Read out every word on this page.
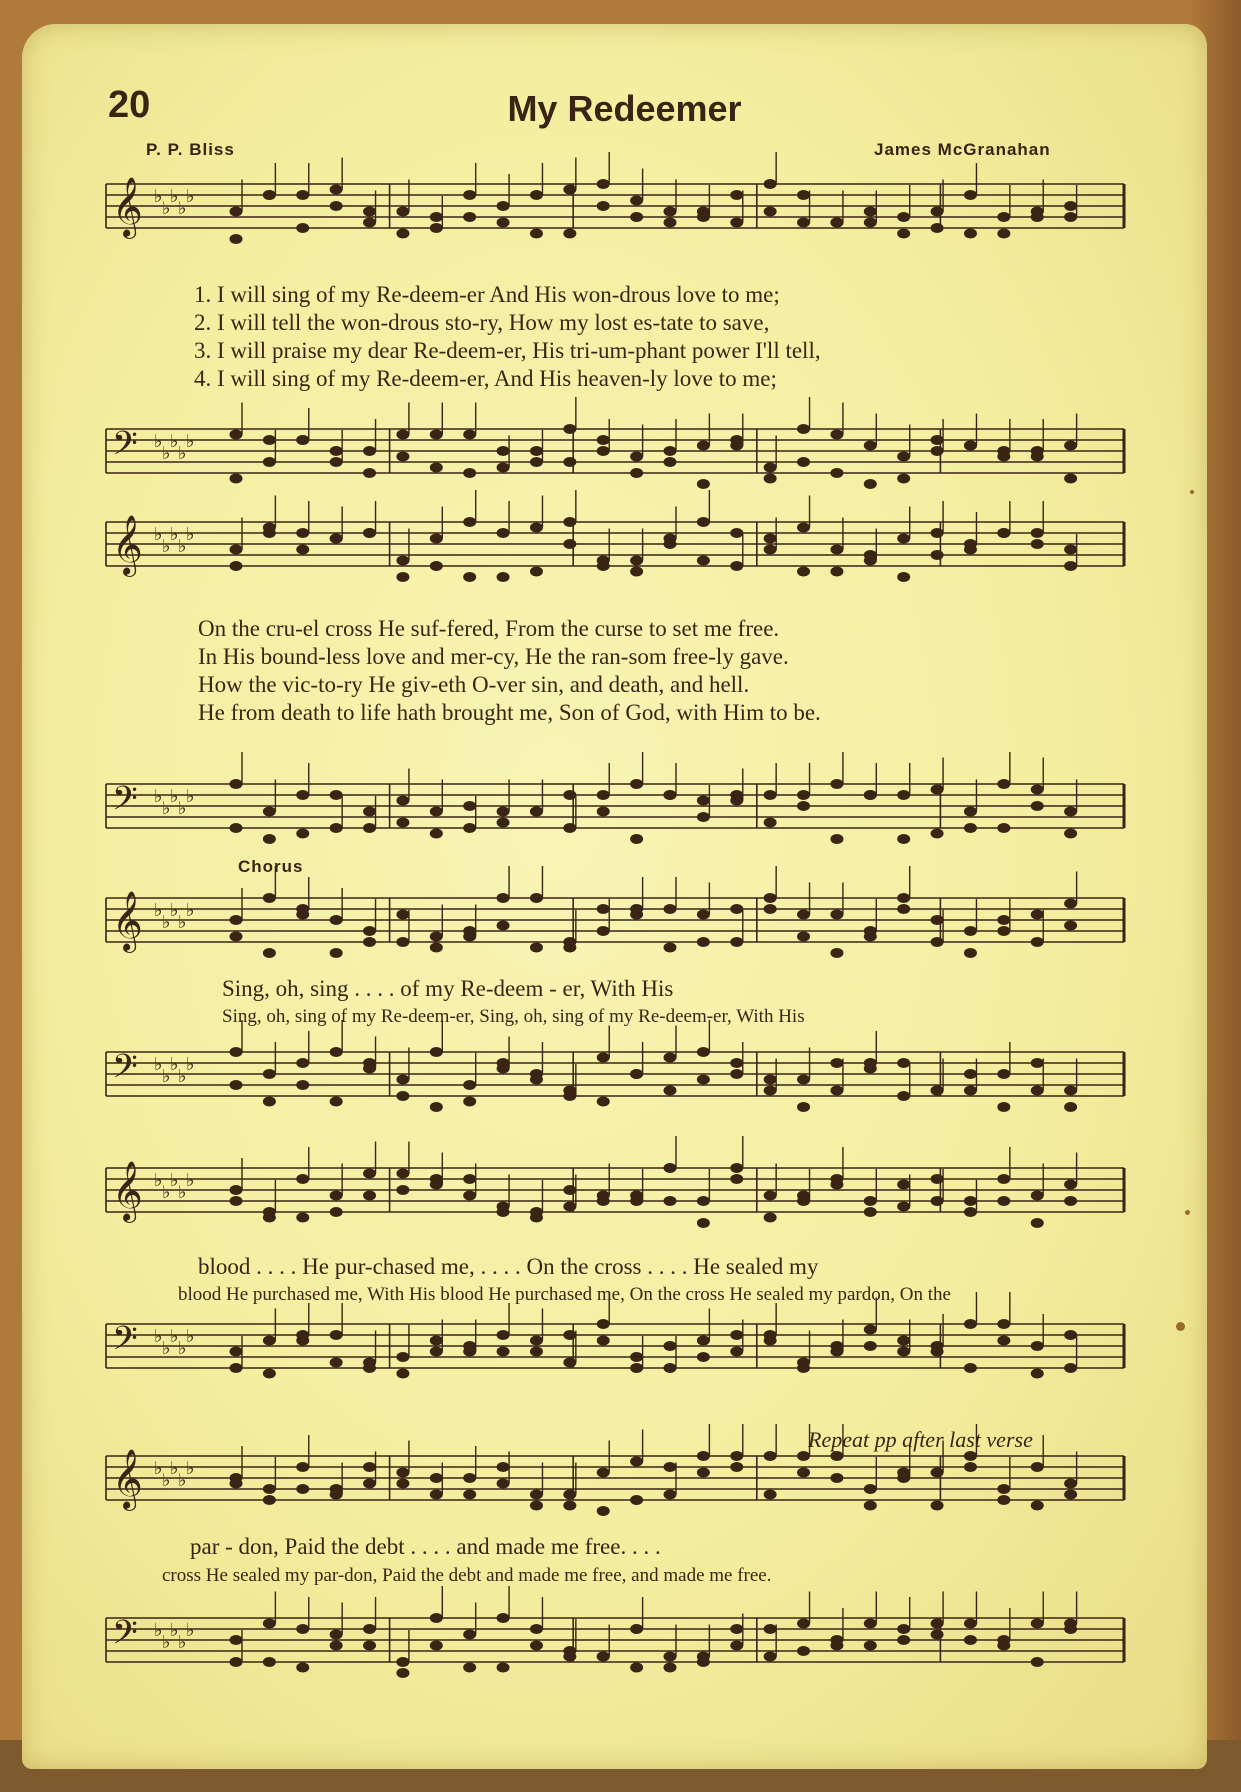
𝄞 ♭
♭
♭
♭
♭
𝄢 ♭
♭
♭
♭
♭
𝄞 ♭
♭
♭
♭
♭
𝄢 ♭
♭
♭
♭
♭
𝄞 ♭
♭
♭
♭
♭
𝄢 ♭
♭
♭
♭
♭
𝄞 ♭
♭
♭
♭
♭
𝄢 ♭
♭
♭
♭
♭
𝄞 ♭
♭
♭
♭
♭
𝄢 ♭
♭
♭
♭
♭
20	My Redeemer
P. P. Bliss	James McGranahan
1. I will sing of my Re-deem-er And His won-drous love to me;
2. I will tell the won-drous sto-ry, How my lost es-tate to save,
3. I will praise my dear Re-deem-er, His tri-um-phant power I'll tell,
4. I will sing of my Re-deem-er, And His heaven-ly love to me;
On the cru-el cross He suf-fered, From the curse to set me free.
In His bound-less love and mer-cy, He the ran-som free-ly gave.
How the vic-to-ry He giv-eth O-ver sin, and death, and hell.
He from death to life hath brought me, Son of God, with Him to be.
Chorus
Sing, oh, sing . . . . of my Re-deem - er, With His
Sing, oh, sing of my Re-deem-er, Sing, oh, sing of my Re-deem-er, With His
blood . . . . He pur-chased me, . . . . On the cross . . . . He sealed my
blood He purchased me, With His blood He purchased me, On the cross He sealed my pardon, On the
Repeat pp after last verse
par - don, Paid the debt . . . . and made me free. . . .
cross He sealed my par-don, Paid the debt and made me free, and made me free.
